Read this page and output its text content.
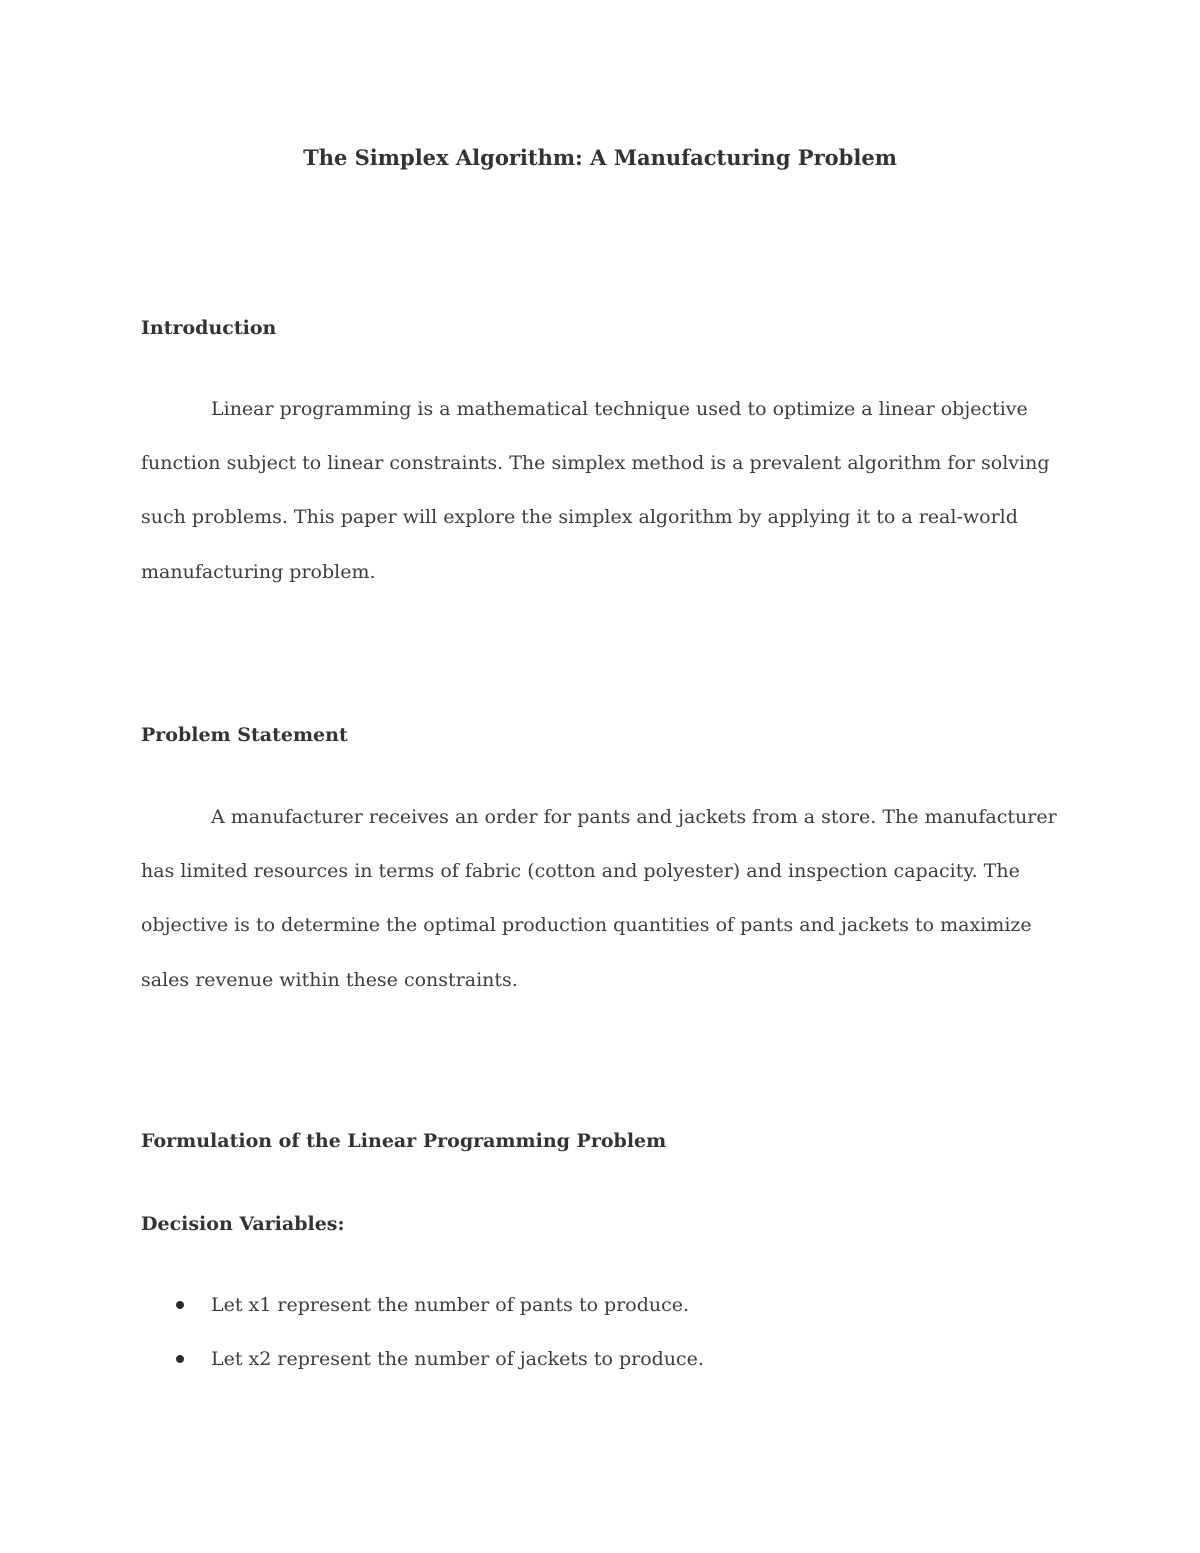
The Simplex Algorithm: A Manufacturing Problem
Introduction

Linear programming is a mathematical technique used to optimize a linear objective function subject to linear constraints. The simplex method is a prevalent algorithm for solving such problems. This paper will explore the simplex algorithm by applying it to a real-world manufacturing problem.

Problem Statement

A manufacturer receives an order for pants and jackets from a store. The manufacturer has limited resources in terms of fabric (cotton and polyester) and inspection capacity. The objective is to determine the optimal production quantities of pants and jackets to maximize sales revenue within these constraints.

Formulation of the Linear Programming Problem
Decision Variables:
Let x1 represent the number of pants to produce.
Let x2 represent the number of jackets to produce.
